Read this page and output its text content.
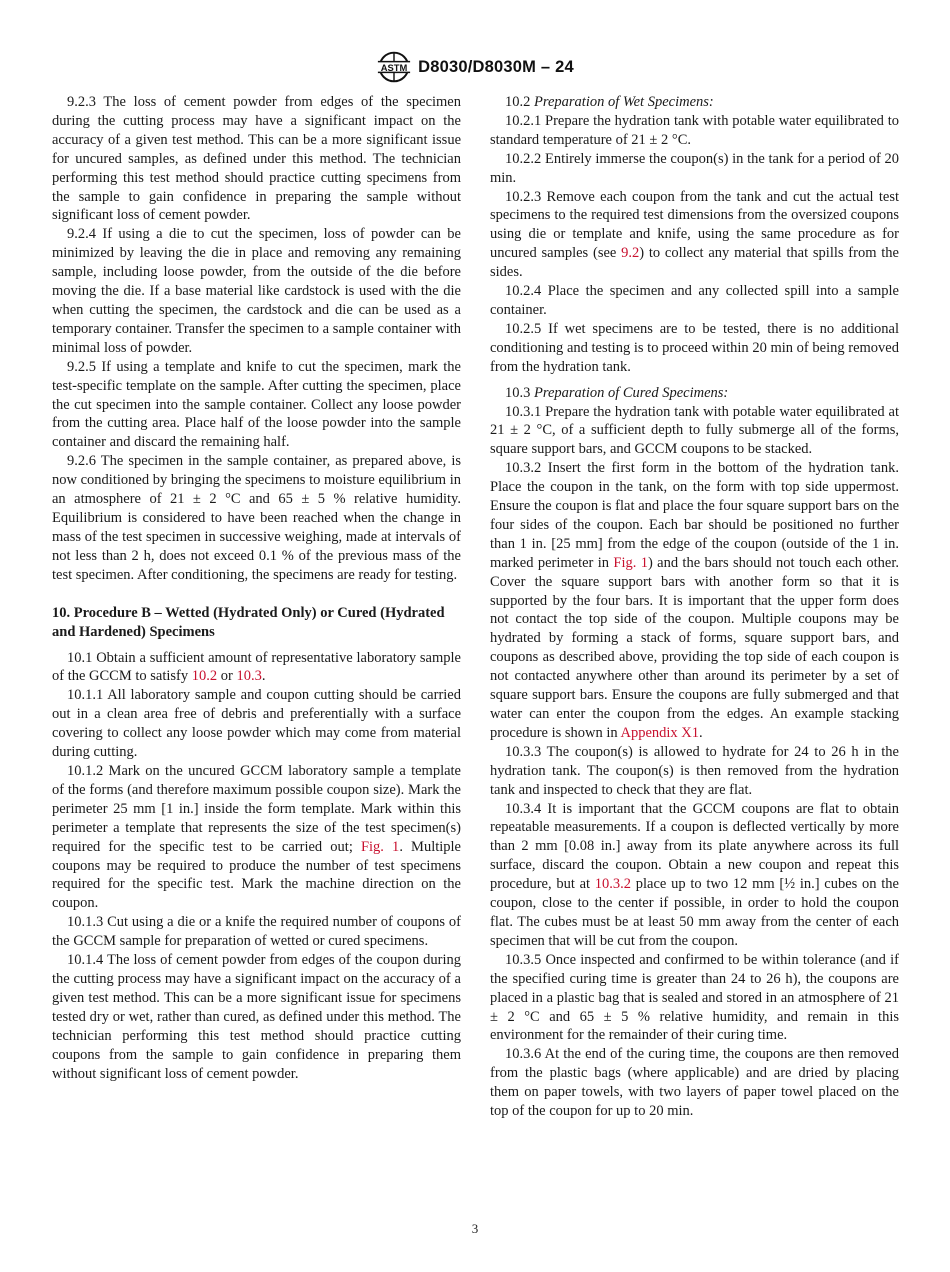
ASTM D8030/D8030M – 24

9.2.3 The loss of cement powder from edges of the specimen during the cutting process may have a significant impact on the accuracy of a given test method. This can be a more significant issue for uncured samples, as defined under this method. The technician performing this test method should practice cutting specimens from the sample to gain confidence in preparing the sample without significant loss of cement powder.

9.2.4 If using a die to cut the specimen, loss of powder can be minimized by leaving the die in place and removing any remaining sample, including loose powder, from the outside of the die before moving the die. If a base material like cardstock is used with the die when cutting the specimen, the cardstock and die can be used as a temporary container. Transfer the specimen to a sample container with minimal loss of powder.

9.2.5 If using a template and knife to cut the specimen, mark the test-specific template on the sample. After cutting the specimen, place the cut specimen into the sample container. Collect any loose powder from the cutting area. Place half of the loose powder into the sample container and discard the remaining half.

9.2.6 The specimen in the sample container, as prepared above, is now conditioned by bringing the specimens to moisture equilibrium in an atmosphere of 21 ± 2 °C and 65 ± 5 % relative humidity. Equilibrium is considered to have been reached when the change in mass of the test specimen in successive weighing, made at intervals of not less than 2 h, does not exceed 0.1 % of the previous mass of the test specimen. After conditioning, the specimens are ready for testing.

10. Procedure B – Wetted (Hydrated Only) or Cured (Hydrated and Hardened) Specimens

10.1 Obtain a sufficient amount of representative laboratory sample of the GCCM to satisfy 10.2 or 10.3.

10.1.1 All laboratory sample and coupon cutting should be carried out in a clean area free of debris and preferentially with a surface covering to collect any loose powder which may come from material during cutting.

10.1.2 Mark on the uncured GCCM laboratory sample a template of the forms (and therefore maximum possible coupon size). Mark the perimeter 25 mm [1 in.] inside the form template. Mark within this perimeter a template that represents the size of the test specimen(s) required for the specific test to be carried out; Fig. 1. Multiple coupons may be required to produce the number of test specimens required for the specific test. Mark the machine direction on the coupon.

10.1.3 Cut using a die or a knife the required number of coupons of the GCCM sample for preparation of wetted or cured specimens.

10.1.4 The loss of cement powder from edges of the coupon during the cutting process may have a significant impact on the accuracy of a given test method. This can be a more significant issue for specimens tested dry or wet, rather than cured, as defined under this method. The technician performing this test method should practice cutting coupons from the sample to gain confidence in preparing them without significant loss of cement powder.

10.2 Preparation of Wet Specimens:

10.2.1 Prepare the hydration tank with potable water equilibrated to standard temperature of 21 ± 2 °C.

10.2.2 Entirely immerse the coupon(s) in the tank for a period of 20 min.

10.2.3 Remove each coupon from the tank and cut the actual test specimens to the required test dimensions from the oversized coupons using die or template and knife, using the same procedure as for uncured samples (see 9.2) to collect any material that spills from the sides.

10.2.4 Place the specimen and any collected spill into a sample container.

10.2.5 If wet specimens are to be tested, there is no additional conditioning and testing is to proceed within 20 min of being removed from the hydration tank.

10.3 Preparation of Cured Specimens:

10.3.1 Prepare the hydration tank with potable water equilibrated at 21 ± 2 °C, of a sufficient depth to fully submerge all of the forms, square support bars, and GCCM coupons to be stacked.

10.3.2 Insert the first form in the bottom of the hydration tank. Place the coupon in the tank, on the form with top side uppermost. Ensure the coupon is flat and place the four square support bars on the four sides of the coupon. Each bar should be positioned no further than 1 in. [25 mm] from the edge of the coupon (outside of the 1 in. marked perimeter in Fig. 1) and the bars should not touch each other. Cover the square support bars with another form so that it is supported by the four bars. It is important that the upper form does not contact the top side of the coupon. Multiple coupons may be hydrated by forming a stack of forms, square support bars, and coupons as described above, providing the top side of each coupon is not contacted anywhere other than around its perimeter by a set of square support bars. Ensure the coupons are fully submerged and that water can enter the coupon from the edges. An example stacking procedure is shown in Appendix X1.

10.3.3 The coupon(s) is allowed to hydrate for 24 to 26 h in the hydration tank. The coupon(s) is then removed from the hydration tank and inspected to check that they are flat.

10.3.4 It is important that the GCCM coupons are flat to obtain repeatable measurements. If a coupon is deflected vertically by more than 2 mm [0.08 in.] away from its plate anywhere across its full surface, discard the coupon. Obtain a new coupon and repeat this procedure, but at 10.3.2 place up to two 12 mm [½ in.] cubes on the coupon, close to the center if possible, in order to hold the coupon flat. The cubes must be at least 50 mm away from the center of each specimen that will be cut from the coupon.

10.3.5 Once inspected and confirmed to be within tolerance (and if the specified curing time is greater than 24 to 26 h), the coupons are placed in a plastic bag that is sealed and stored in an atmosphere of 21 ± 2 °C and 65 ± 5 % relative humidity, and remain in this environment for the remainder of their curing time.

10.3.6 At the end of the curing time, the coupons are then removed from the plastic bags (where applicable) and are dried by placing them on paper towels, with two layers of paper towel placed on the top of the coupon for up to 20 min.

3
